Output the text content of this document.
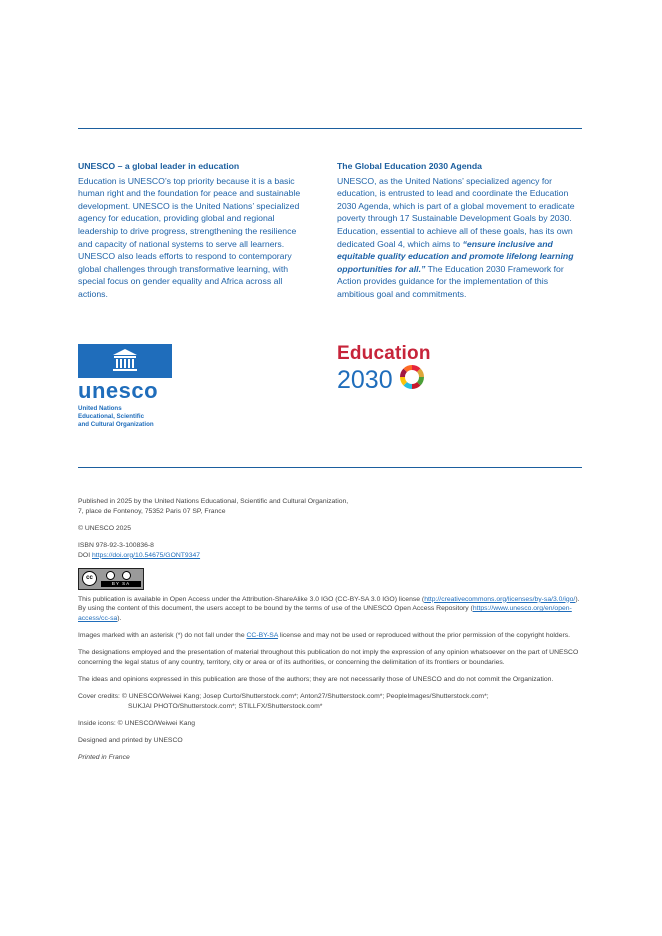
UNESCO – a global leader in education

Education is UNESCO’s top priority because it is a basic human right and the foundation for peace and sustainable development. UNESCO is the United Nations’ specialized agency for education, providing global and regional leadership to drive progress, strengthening the resilience and capacity of national systems to serve all learners. UNESCO also leads efforts to respond to contemporary global challenges through transformative learning, with special focus on gender equality and Africa across all actions.

The Global Education 2030 Agenda

UNESCO, as the United Nations’ specialized agency for education, is entrusted to lead and coordinate the Education 2030 Agenda, which is part of a global movement to eradicate poverty through 17 Sustainable Development Goals by 2030. Education, essential to achieve all of these goals, has its own dedicated Goal 4, which aims to “ensure inclusive and equitable quality education and promote lifelong learning opportunities for all.” The Education 2030 Framework for Action provides guidance for the implementation of this ambitious goal and commitments.

unesco
United Nations
Educational, Scientific
and Cultural Organization
Education
2030

Published in 2025 by the United Nations Educational, Scientific and Cultural Organization,
7, place de Fontenoy, 75352 Paris 07 SP, France

© UNESCO 2025

ISBN 978-92-3-100836-8
DOI https://doi.org/10.54675/GONT9347

cc
BY SA

This publication is available in Open Access under the Attribution-ShareAlike 3.0 IGO (CC-BY-SA 3.0 IGO) license (http://creativecommons.org/licenses/by-sa/3.0/igo/). By using the content of this document, the users accept to be bound by the terms of use of the UNESCO Open Access Repository (https://www.unesco.org/en/open-access/cc-sa).

Images marked with an asterisk (*) do not fall under the CC-BY-SA license and may not be used or reproduced without the prior permission of the copyright holders.

The designations employed and the presentation of material throughout this publication do not imply the expression of any opinion whatsoever on the part of UNESCO concerning the legal status of any country, territory, city or area or of its authorities, or concerning the delimitation of its frontiers or boundaries.

The ideas and opinions expressed in this publication are those of the authors; they are not necessarily those of UNESCO and do not commit the Organization.

Cover credits: © UNESCO/Weiwei Kang; Josep Curto/Shutterstock.com*; Anton27/Shutterstock.com*; PeopleImages/Shutterstock.com*;
SUKJAI PHOTO/Shutterstock.com*; STILLFX/Shutterstock.com*

Inside icons: © UNESCO/Weiwei Kang

Designed and printed by UNESCO

Printed in France
